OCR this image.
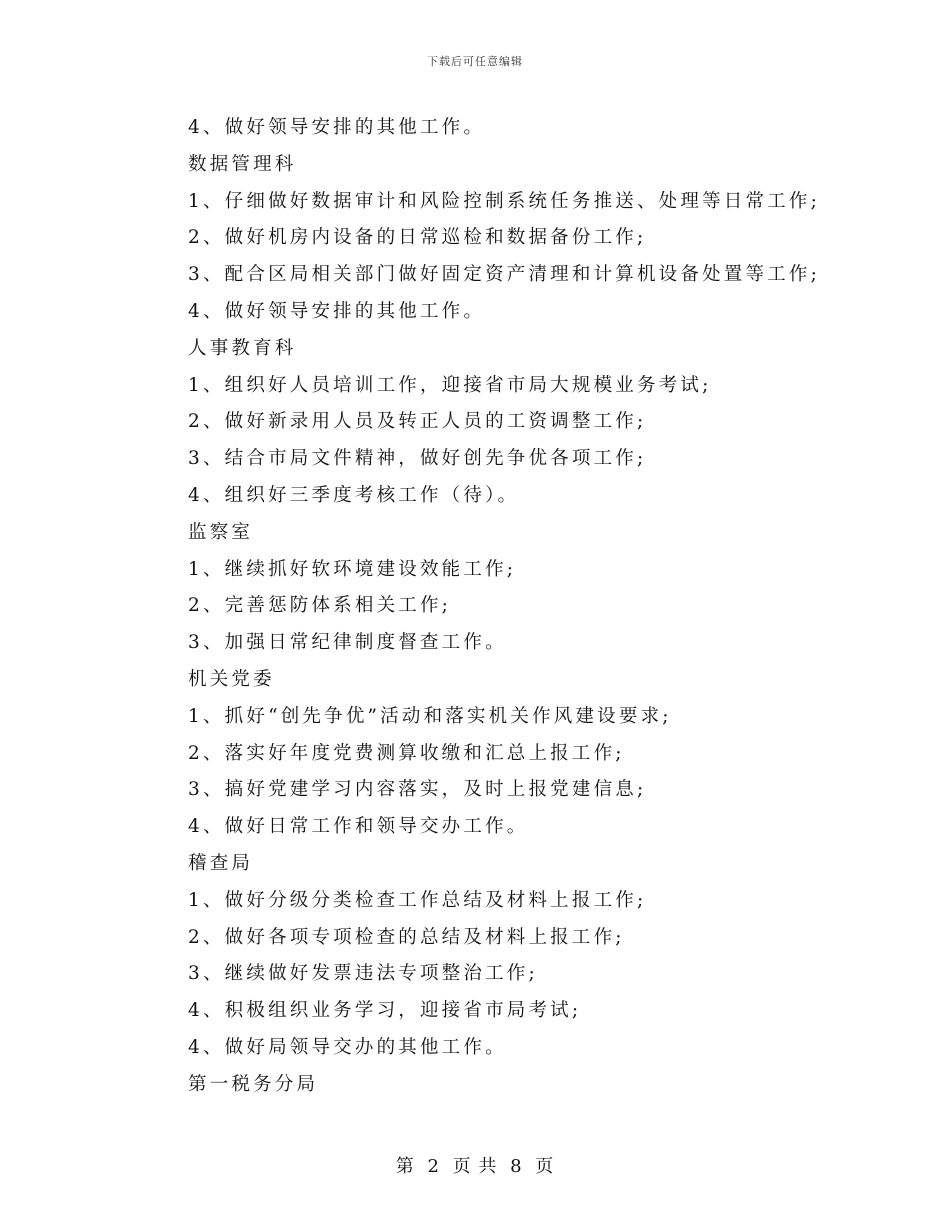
下载后可任意编辑
4、做好领导安排的其他工作。
数据管理科
1、仔细做好数据审计和风险控制系统任务推送、处理等日常工作;
2、做好机房内设备的日常巡检和数据备份工作;
3、配合区局相关部门做好固定资产清理和计算机设备处置等工作;
4、做好领导安排的其他工作。
人事教育科
1、组织好人员培训工作，迎接省市局大规模业务考试;
2、做好新录用人员及转正人员的工资调整工作;
3、结合市局文件精神，做好创先争优各项工作;
4、组织好三季度考核工作（待）。
监察室
1、继续抓好软环境建设效能工作;
2、完善惩防体系相关工作;
3、加强日常纪律制度督查工作。
机关党委
1、抓好“创先争优”活动和落实机关作风建设要求;
2、落实好年度党费测算收缴和汇总上报工作;
3、搞好党建学习内容落实，及时上报党建信息;
4、做好日常工作和领导交办工作。
稽查局
1、做好分级分类检查工作总结及材料上报工作;
2、做好各项专项检查的总结及材料上报工作;
3、继续做好发票违法专项整治工作;
4、积极组织业务学习，迎接省市局考试;
4、做好局领导交办的其他工作。
第一税务分局
第 2 页 共 8 页
